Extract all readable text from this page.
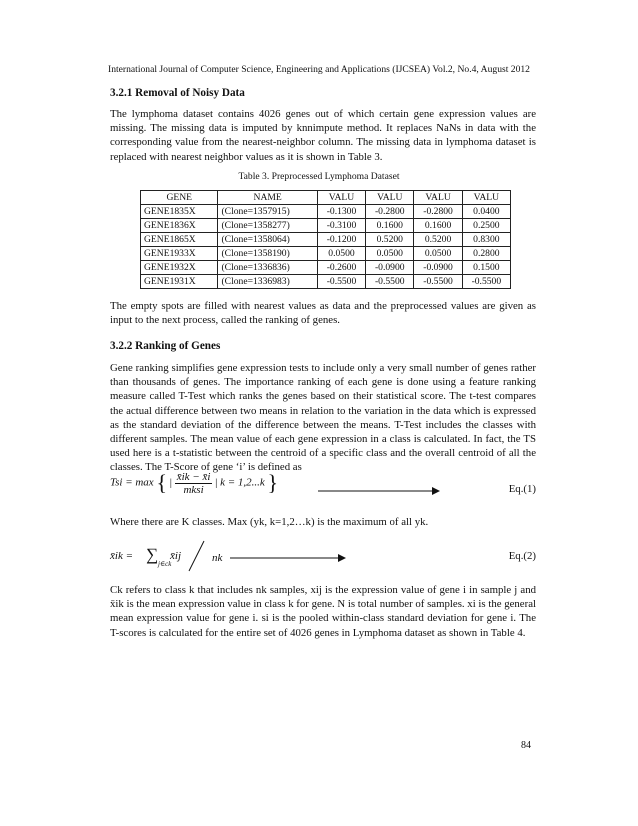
International Journal of Computer Science, Engineering and Applications (IJCSEA) Vol.2, No.4, August 2012
3.2.1 Removal of Noisy Data

The lymphoma dataset contains 4026 genes out of which certain gene expression values are missing. The missing data is imputed by knnimpute method. It replaces NaNs in data with the corresponding value from the nearest-neighbor column. The missing data in lymphoma dataset is replaced with nearest neighbor values as it is shown in Table 3.

Table 3. Preprocessed Lymphoma Dataset
GENE	NAME	VALU	VALU	VALU	VALU
GENE1835X	(Clone=1357915)	-0.1300	-0.2800	-0.2800	0.0400
GENE1836X	(Clone=1358277)	-0.3100	0.1600	0.1600	0.2500
GENE1865X	(Clone=1358064)	-0.1200	0.5200	0.5200	0.8300
GENE1933X	(Clone=1358190)	0.0500	0.0500	0.0500	0.2800
GENE1932X	(Clone=1336836)	-0.2600	-0.0900	-0.0900	0.1500
GENE1931X	(Clone=1336983)	-0.5500	-0.5500	-0.5500	-0.5500

The empty spots are filled with nearest values as data and the preprocessed values are given as input to the next process, called the ranking of genes.

3.2.2 Ranking of Genes

Gene ranking simplifies gene expression tests to include only a very small number of genes rather than thousands of genes. The importance ranking of each gene is done using a feature ranking measure called T-Test which ranks the genes based on their statistical score. The t-test compares the actual difference between two means in relation to the variation in the data which is expressed as the standard deviation of the difference between the means. T-Test includes the classes with different samples. The mean value of each gene expression in a class is calculated. In fact, the TS used here is a t-statistic between the centroid of a specific class and the overall centroid of all the classes. The T-Score of gene ‘i’ is defined as

Tsi = max { | $\frac{x̄ik - x̄i}{\text{mksi}}$ | k = 1,2...k }	Eq.(1)

Where there are K classes. Max (yk, k=1,2…k) is the maximum of all yk.

x̄ik = ∑ j∈ck
x̄ij	nk	Eq.(2)

Ck refers to class k that includes nk samples, xij is the expression value of gene i in sample j and x̄ik is the mean expression value in class k for gene. N is total number of samples. xi is the general mean expression value for gene i. si is the pooled within-class standard deviation for gene i. The T-scores is calculated for the entire set of 4026 genes in Lymphoma dataset as shown in Table 4.

84
